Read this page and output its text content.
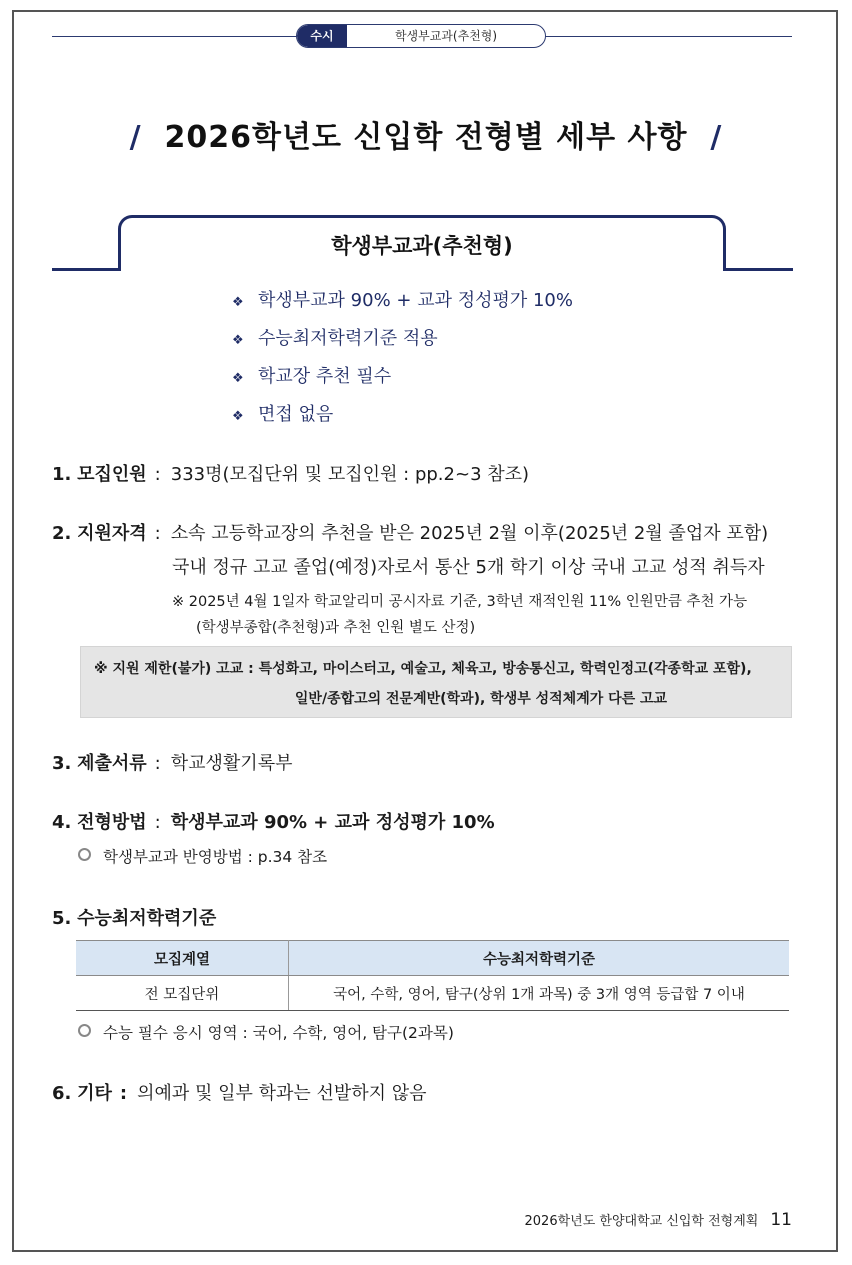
수시	학생부교과(추천형)
/ 2026학년도 신입학 전형별 세부 사항 /
학생부교과(추천형)
❖ 학생부교과 90% + 교과 정성평가 10%
❖ 수능최저학력기준 적용
❖ 학교장 추천 필수
❖ 면접 없음
1. 모집인원 : 333명(모집단위 및 모집인원 : pp.2~3 참조)
2. 지원자격 : 소속 고등학교장의 추천을 받은 2025년 2월 이후(2025년 2월 졸업자 포함)
국내 정규 고교 졸업(예정)자로서 통산 5개 학기 이상 국내 고교 성적 취득자
※ 2025년 4월 1일자 학교알리미 공시자료 기준, 3학년 재적인원 11% 인원만큼 추천 가능
(학생부종합(추천형)과 추천 인원 별도 산정)
※ 지원 제한(불가) 고교 : 특성화고, 마이스터고, 예술고, 체육고, 방송통신고, 학력인정고(각종학교 포함),
일반/종합고의 전문계반(학과), 학생부 성적체계가 다른 고교
3. 제출서류 : 학교생활기록부
4. 전형방법 : 학생부교과 90% + 교과 정성평가 10%
학생부교과 반영방법 : p.34 참조
5. 수능최저학력기준
모집계열	수능최저학력기준
전 모집단위	국어, 수학, 영어, 탐구(상위 1개 과목) 중 3개 영역 등급합 7 이내
수능 필수 응시 영역 : 국어, 수학, 영어, 탐구(2과목)
6. 기타 : 의예과 및 일부 학과는 선발하지 않음
2026학년도 한양대학교 신입학 전형계획 11
